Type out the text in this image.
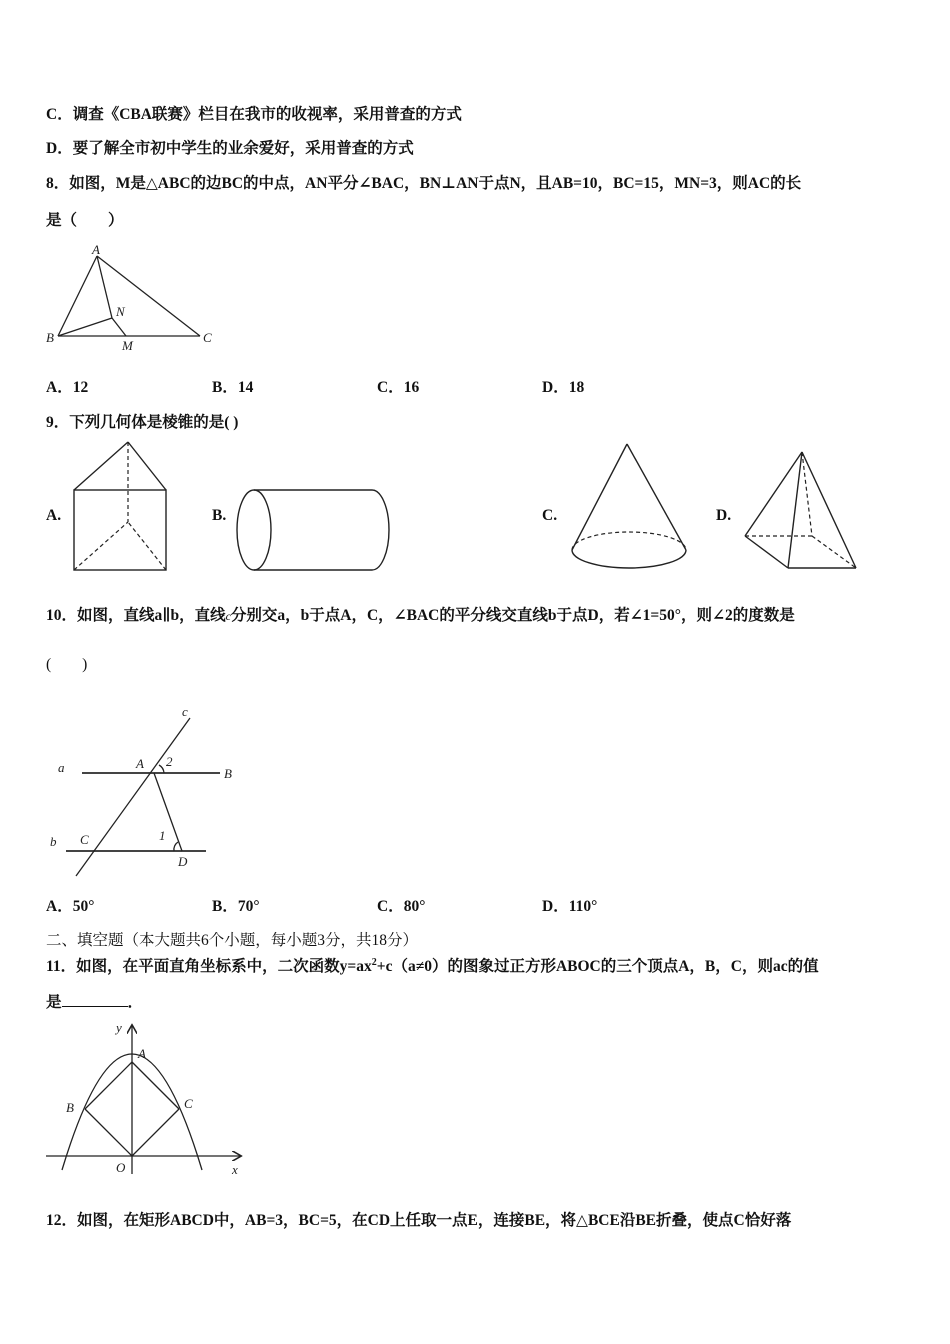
C．调查《CBA联赛》栏目在我市的收视率，采用普查的方式
D．要了解全市初中学生的业余爱好，采用普查的方式
8．如图，M是△ABC的边BC的中点，AN平分∠BAC，BN⊥AN于点N，且AB=10，BC=15，MN=3，则AC的长
是（　　）
A
B	C
N
M
A．12	B．14	C．16	D．18
9．下列几何体是棱锥的是( )
A.	B.	C.	D.
10．如图，直线a∥b，直线c分别交a，b于点A，C，∠BAC的平分线交直线b于点D，若∠1=50°，则∠2的度数是
(　　)
c
a	A 2
B
b C	1
D
A．50°	B．70°	C．80°	D．110°
二、填空题（本大题共6个小题，每小题3分，共18分）
11．如图，在平面直角坐标系中，二次函数$y=ax^2+c(a\ne 0)$的图象过正方形ABOC的三个顶点A，B，C，则ac的值
是	．
y
A
B	C
O	x
12．如图，在矩形ABCD中，AB=3，BC=5，在CD上任取一点E，连接BE，将△BCE沿BE折叠，使点C恰好落
